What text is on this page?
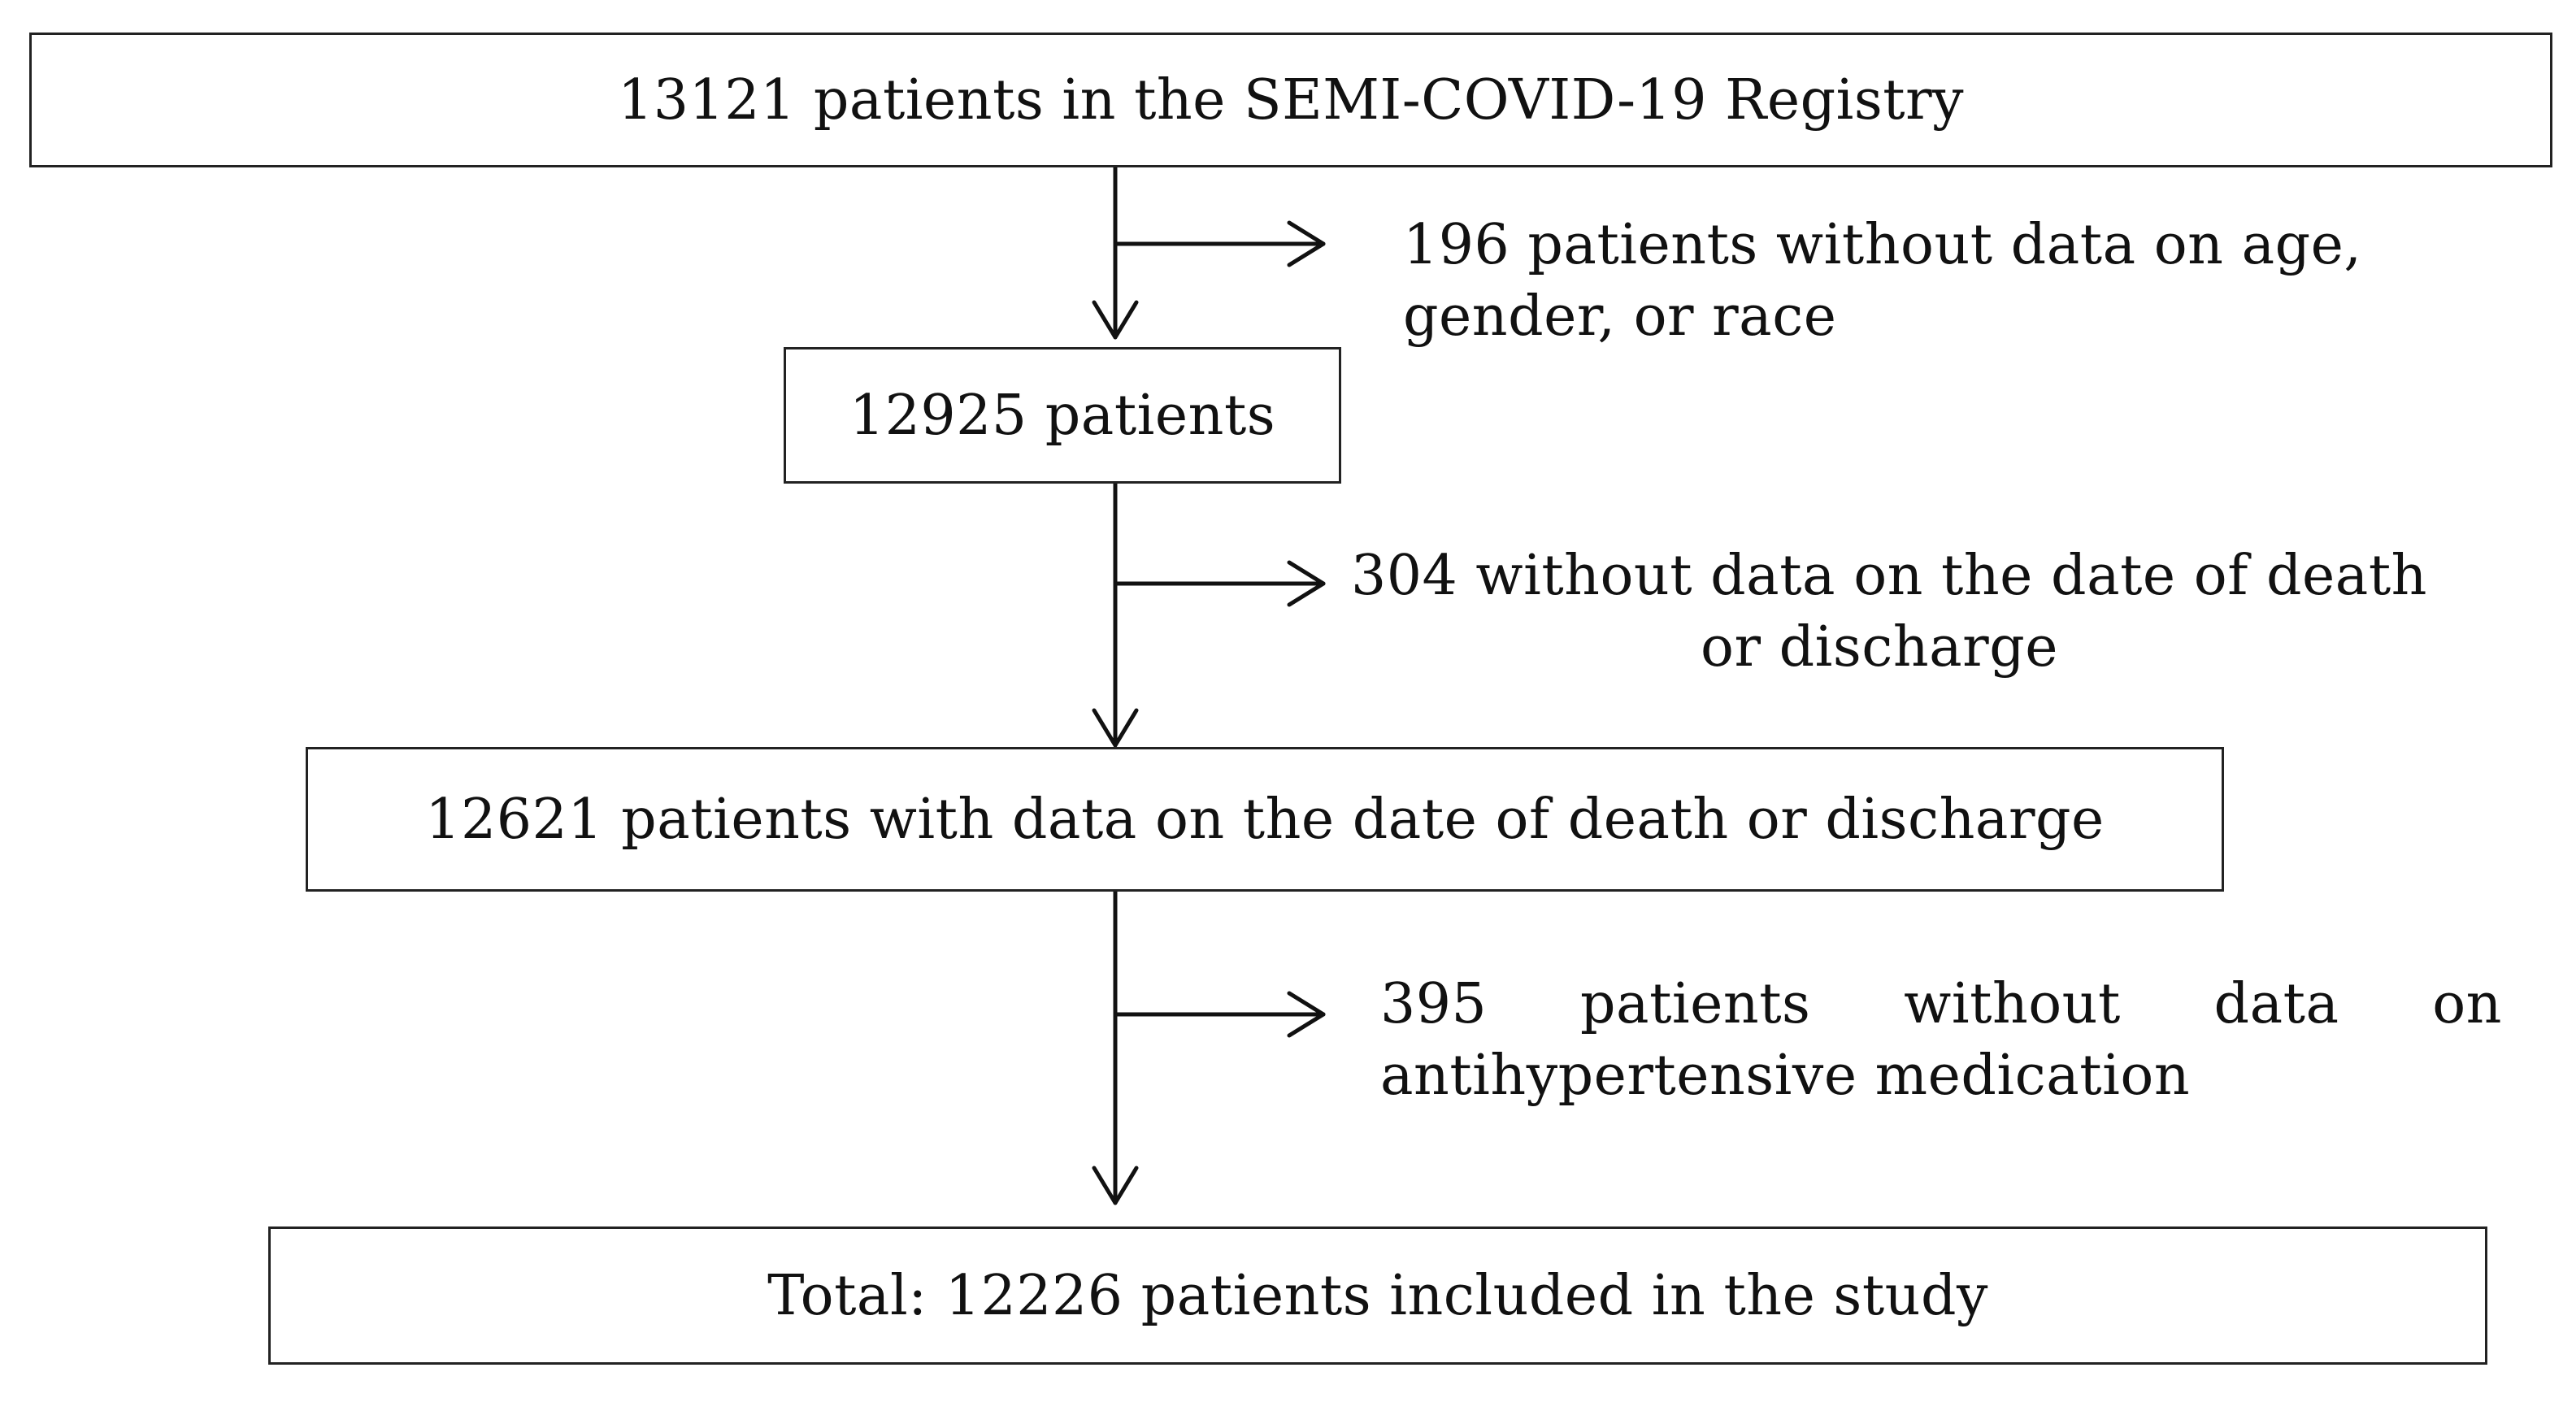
13121 patients in the SEMI-COVID-19 Registry
196 patients without data on age,
gender, or race
12925 patients
304 without data on the date of death
or discharge
12621 patients with data on the date of death or discharge
395 patients without data on
antihypertensive medication
Total: 12226 patients included in the study
